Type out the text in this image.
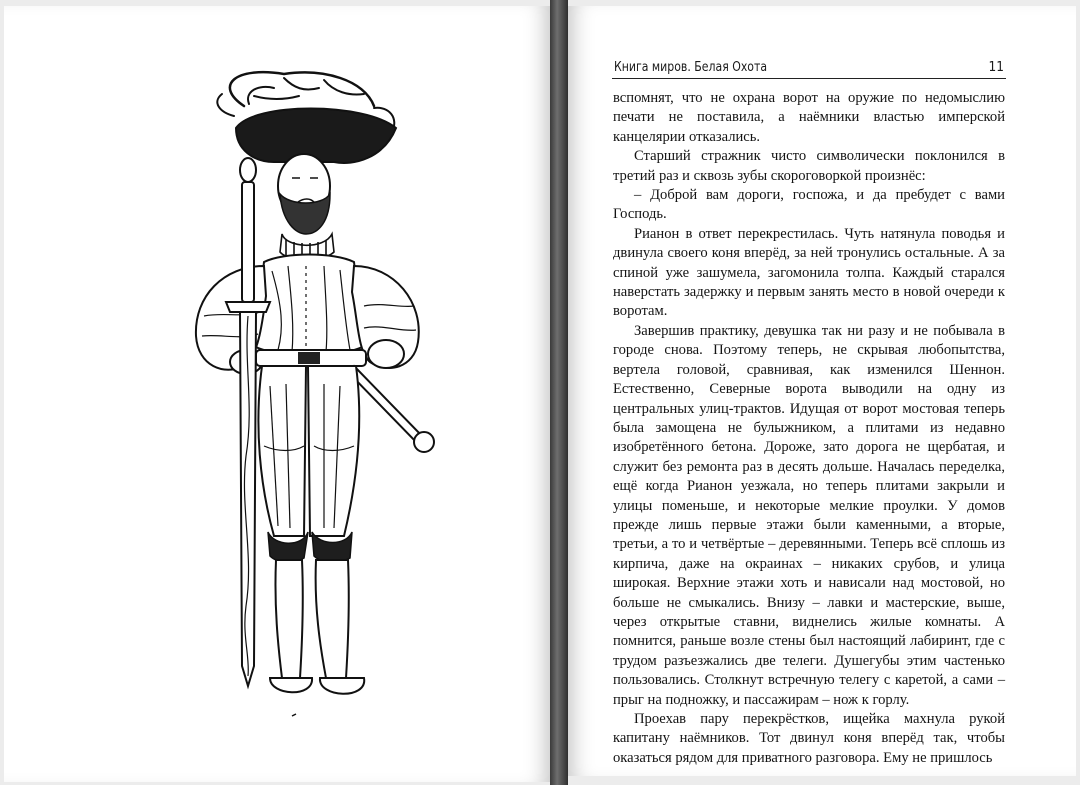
Книга миров. Белая Охота	11

вспомнят, что не охрана ворот на оружие по недомыслию печати не поставила, а наёмники властью имперской канцелярии отказались.

Старший стражник чисто символически поклонился в третий раз и сквозь зубы скороговоркой произнёс:

– Доброй вам дороги, госпожа, и да пребудет с вами Господь.

Рианон в ответ перекрестилась. Чуть натянула поводья и двинула своего коня вперёд, за ней тронулись остальные. А за спиной уже зашумела, загомонила толпа. Каждый старался наверстать задержку и первым занять место в новой очереди к воротам.

Завершив практику, девушка так ни разу и не побывала в городе снова. Поэтому теперь, не скрывая любопытства, вертела головой, сравнивая, как изменился Шеннон. Естественно, Северные ворота выводили на одну из центральных улиц-трактов. Идущая от ворот мостовая теперь была замощена не булыжником, а плитами из недавно изобретённого бетона. Дороже, зато дорога не щербатая, и служит без ремонта раз в десять дольше. Началась переделка, ещё когда Рианон уезжала, но теперь плитами закрыли и улицы поменьше, и некоторые мелкие проулки. У домов прежде лишь первые этажи были каменными, а вторые, третьи, а то и четвёртые – деревянными. Теперь всё сплошь из кирпича, даже на окраинах – никаких срубов, и улица широкая. Верхние этажи хоть и нависали над мостовой, но больше не смыкались. Внизу – лавки и мастерские, выше, через открытые ставни, виднелись жилые комнаты. А помнится, раньше возле стены был настоящий лабиринт, где с трудом разъезжались две телеги. Душегубы этим частенько пользовались. Столкнут встречную телегу с каретой, а сами – прыг на подножку, и пассажирам – нож к горлу.

Проехав пару перекрёстков, ищейка махнула рукой капитану наёмников. Тот двинул коня вперёд так, чтобы оказаться рядом для приватного разговора. Ему не пришлось
